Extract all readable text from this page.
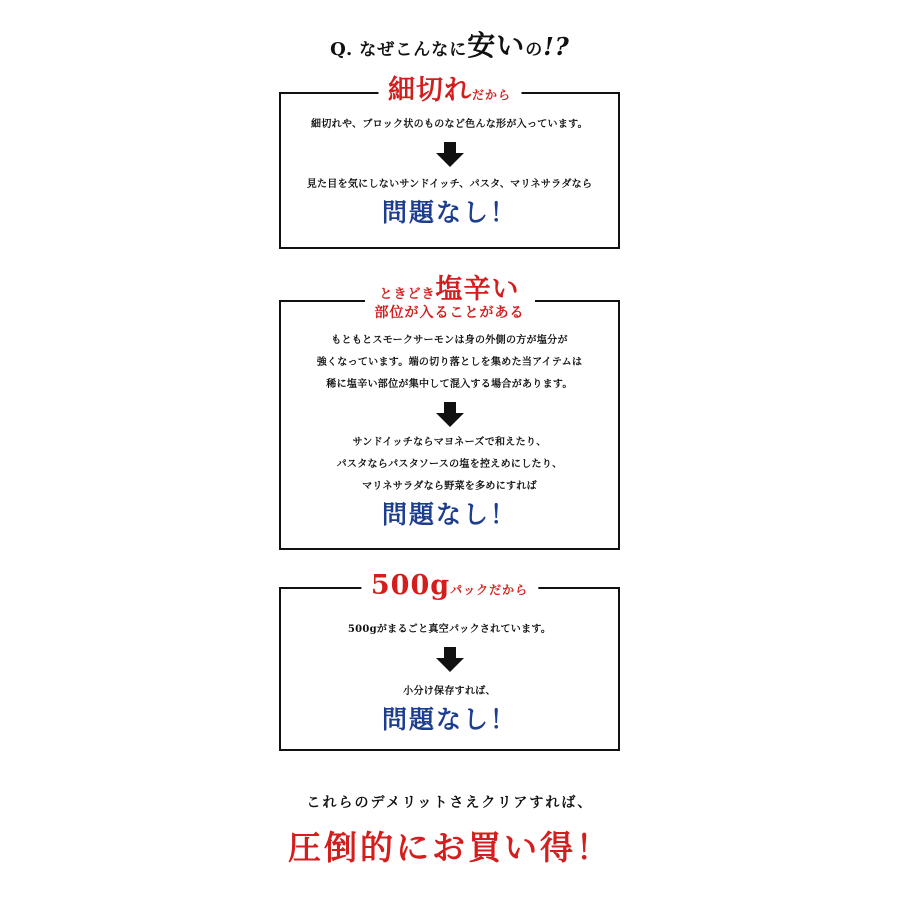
Q. なぜこんなに安いの!?
細切れだから
細切れや、ブロック状のものなど色んな形が入っています。
見た目を気にしないサンドイッチ、パスタ、マリネサラダなら
問題なし！
ときどき塩辛い
部位が入ることがある
もともとスモークサーモンは身の外側の方が塩分が
強くなっています。端の切り落としを集めた当アイテムは
稀に塩辛い部位が集中して混入する場合があります。
サンドイッチならマヨネーズで和えたり、
パスタならパスタソースの塩を控えめにしたり、
マリネサラダなら野菜を多めにすれば
問題なし！
500gパックだから
500gがまるごと真空パックされています。
小分け保存すれば、
問題なし！
これらのデメリットさえクリアすれば、
圧倒的にお買い得！
